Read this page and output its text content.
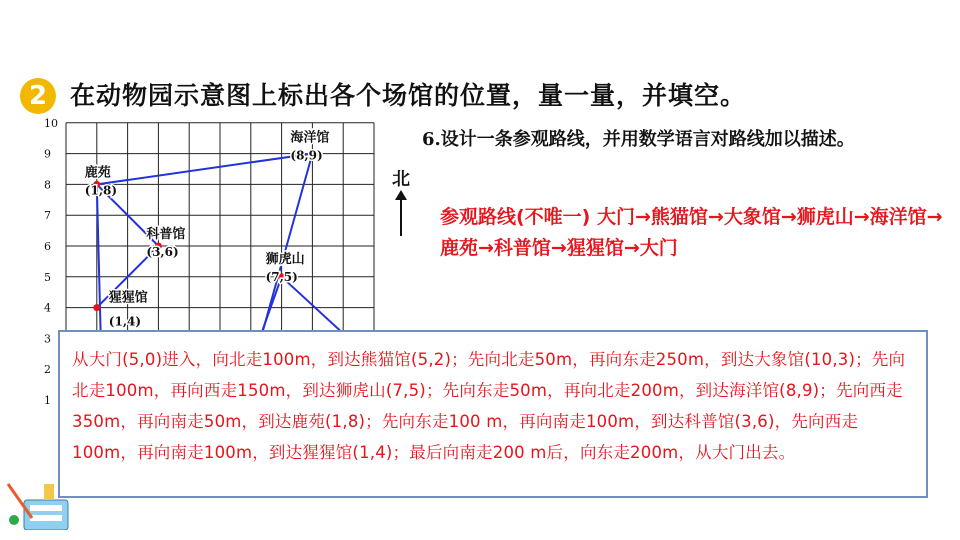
2 在动物园示意图上标出各个场馆的位置，量一量，并填空。
10
9
8
7
6
5
4
3
2
1
鹿苑
(1,8)
科普馆
(3,6)
猩猩馆
(1,4)
海洋馆
(8,9)
狮虎山
(7,5)
6.设计一条参观路线，并用数学语言对路线加以描述。
北
参观路线(不唯一) 大门→熊猫馆→大象馆→狮虎山→海洋馆→鹿苑→科普馆→猩猩馆→大门

从大门(5,0)进入，向北走100m，到达熊猫馆(5,2)；先向北走50m，再向东走250m，到达大象馆(10,3)；先向北走100m，再向西走150m，到达狮虎山(7,5)；先向东走50m，再向北走200m，到达海洋馆(8,9)；先向西走350m，再向南走50m，到达鹿苑(1,8)；先向东走100 m，再向南走100m，到达科普馆(3,6)，先向西走100m，再向南走100m，到达猩猩馆(1,4)；最后向南走200 m后，向东走200m，从大门出去。
